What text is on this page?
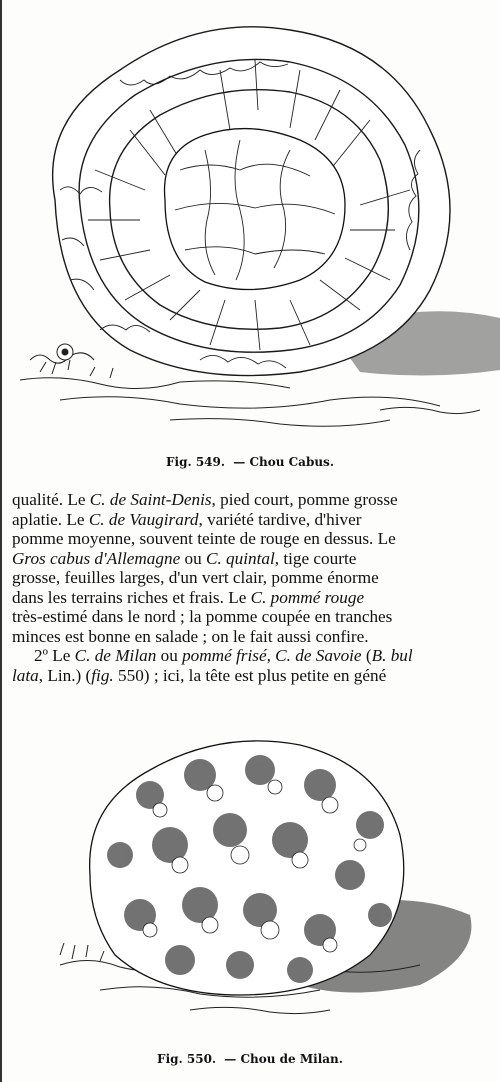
Fig. 549. — Chou Cabus.
qualité. Le C. de Saint-Denis, pied court, pomme grosse
aplatie. Le C. de Vaugirard, variété tardive, d'hiver
pomme moyenne, souvent teinte de rouge en dessus. Le
Gros cabus d'Allemagne ou C. quintal, tige courte
grosse, feuilles larges, d'un vert clair, pomme énorme
dans les terrains riches et frais. Le C. pommé rouge
très-estimé dans le nord ; la pomme coupée en tranches
minces est bonne en salade ; on le fait aussi confire.
2º Le C. de Milan ou pommé frisé, C. de Savoie (B. bul
lata, Lin.) (fig. 550) ; ici, la tête est plus petite en géné
Fig. 550. — Chou de Milan.
